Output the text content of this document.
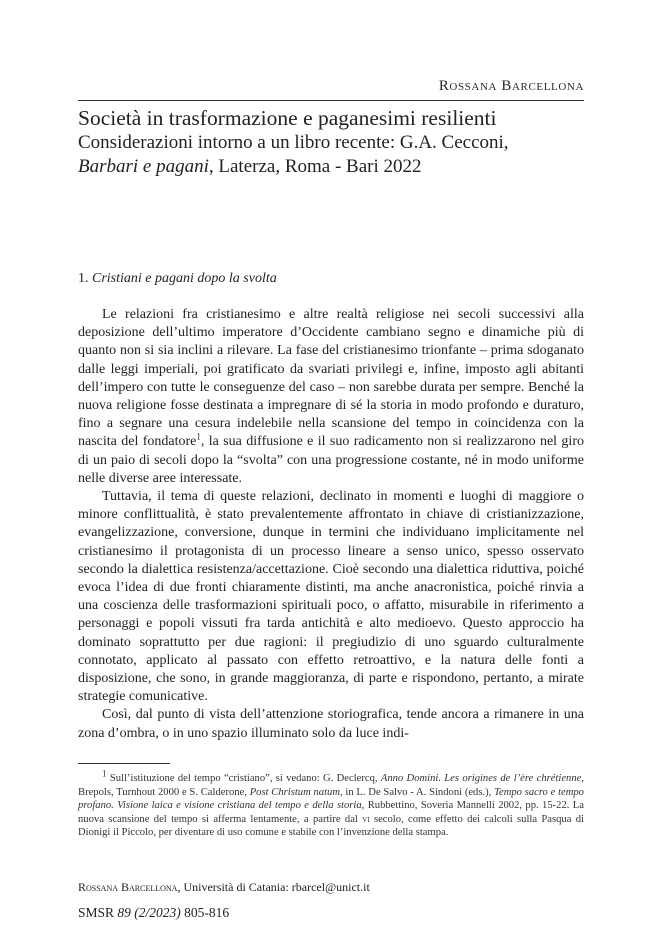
Rossana Barcellona
Società in trasformazione e paganesimi resilienti
Considerazioni intorno a un libro recente: G.A. Cecconi,
Barbari e pagani, Laterza, Roma - Bari 2022
1. Cristiani e pagani dopo la svolta

Le relazioni fra cristianesimo e altre realtà religiose nei secoli successivi alla deposizione dell’ultimo imperatore d’Occidente cambiano segno e dinamiche più di quanto non si sia inclini a rilevare. La fase del cristianesimo trionfante – prima sdoganato dalle leggi imperiali, poi gratificato da svariati privilegi e, infine, imposto agli abitanti dell’impero con tutte le conseguenze del caso – non sarebbe durata per sempre. Benché la nuova religione fosse destinata a impregnare di sé la storia in modo profondo e duraturo, fino a segnare una cesura indelebile nella scansione del tempo in coincidenza con la nascita del fondatore$^1$, la sua diffusione e il suo radicamento non si realizzarono nel giro di un paio di secoli dopo la “svolta” con una progressione costante, né in modo uniforme nelle diverse aree interessate.

Tuttavia, il tema di queste relazioni, declinato in momenti e luoghi di maggiore o minore conflittualità, è stato prevalentemente affrontato in chiave di cristianizzazione, evangelizzazione, conversione, dunque in termini che individuano implicitamente nel cristianesimo il protagonista di un processo lineare a senso unico, spesso osservato secondo la dialettica resistenza/accettazione. Cioè secondo una dialettica riduttiva, poiché evoca l’idea di due fronti chiaramente distinti, ma anche anacronistica, poiché rinvia a una coscienza delle trasformazioni spirituali poco, o affatto, misurabile in riferimento a personaggi e popoli vissuti fra tarda antichità e alto medioevo. Questo approccio ha dominato soprattutto per due ragioni: il pregiudizio di uno sguardo culturalmente connotato, applicato al passato con effetto retroattivo, e la natura delle fonti a disposizione, che sono, in grande maggioranza, di parte e rispondono, pertanto, a mirate strategie comunicative.

Così, dal punto di vista dell’attenzione storiografica, tende ancora a rimanere in una zona d’ombra, o in uno spazio illuminato solo da luce indi-

$^1$ Sull’istituzione del tempo “cristiano”, si vedano: G. Declercq, Anno Domini. Les origines de l’ère chrétienne, Brepols, Turnhout 2000 e S. Calderone, Post Christum natum, in L. De Salvo - A. Sindoni (eds.), Tempo sacro e tempo profano. Visione laica e visione cristiana del tempo e della storia, Rubbettino, Soveria Mannelli 2002, pp. 15-22. La nuova scansione del tempo si afferma lentamente, a partire dal vi secolo, come effetto dei calcoli sulla Pasqua di Dionigi il Piccolo, per diventare di uso comune e stabile con l’invenzione della stampa.

Rossana Barcellona, Università di Catania: rbarcel@unict.it
SMSR 89 (2/2023) 805-816
